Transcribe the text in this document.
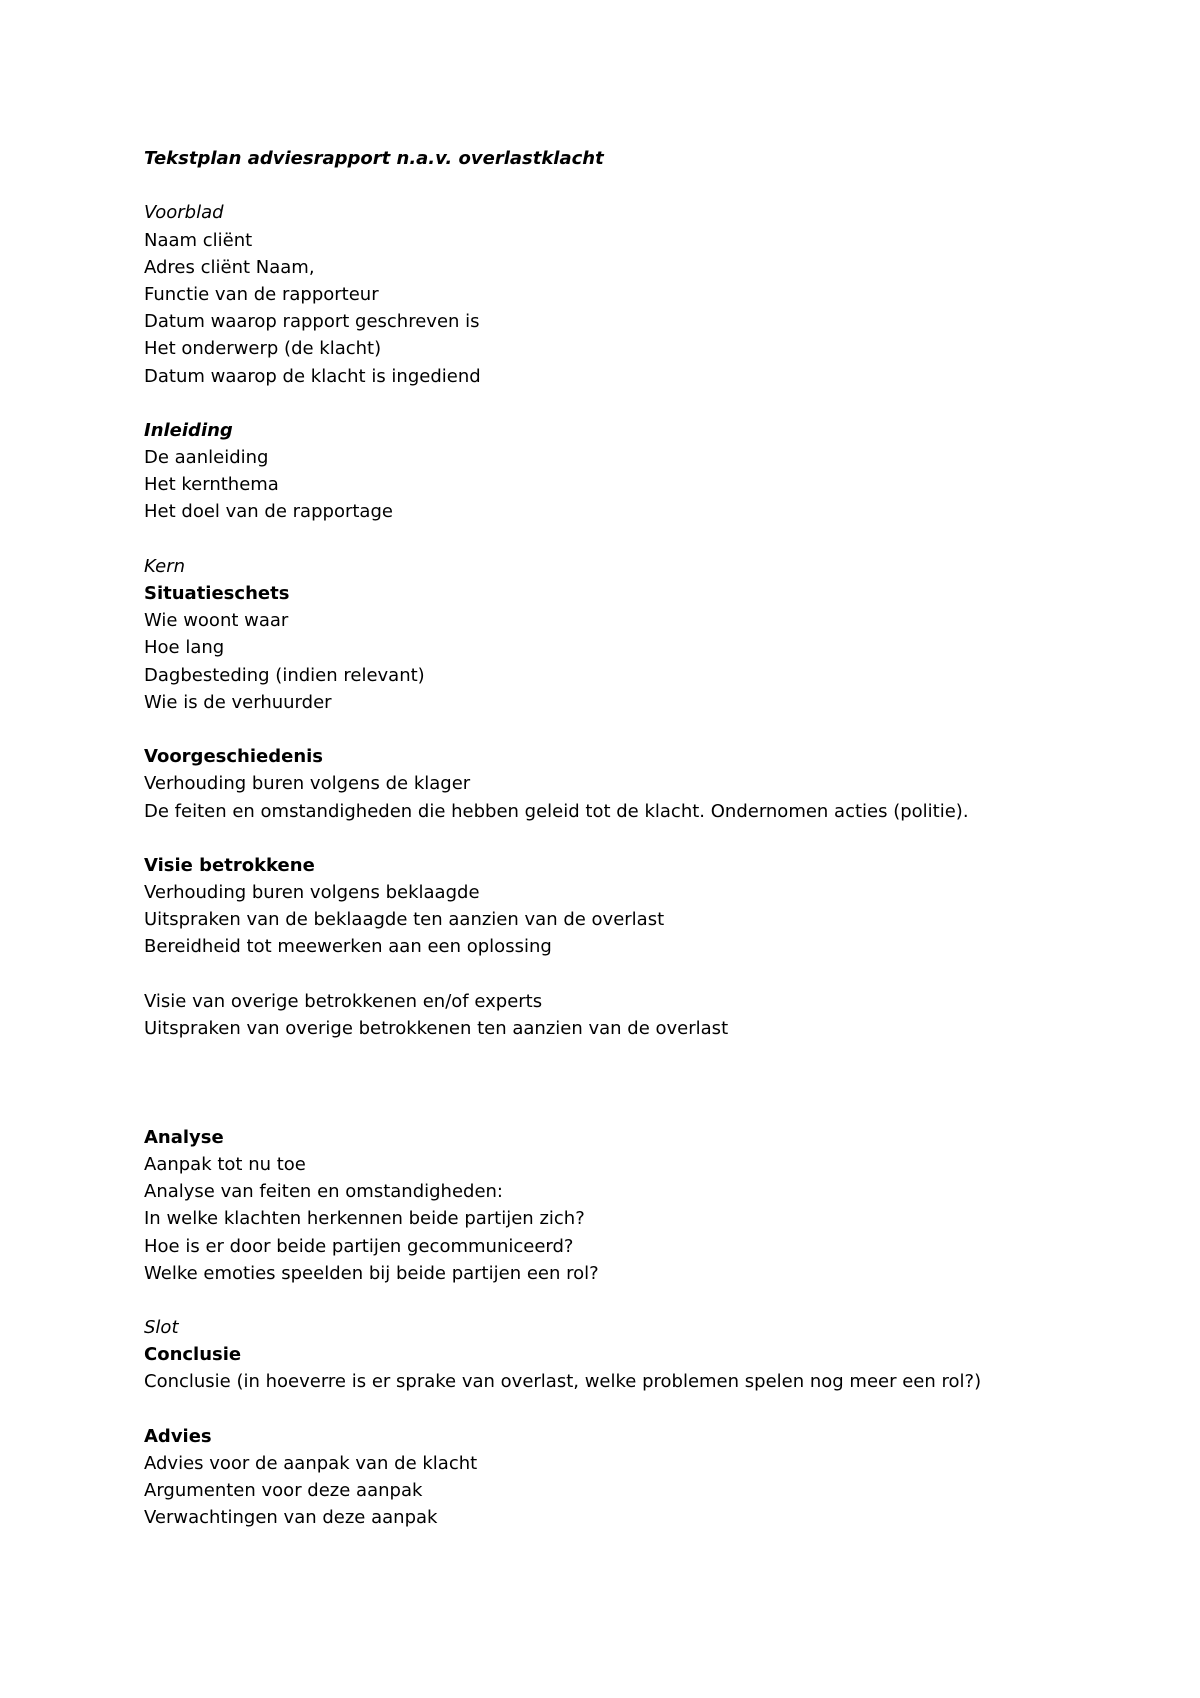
Tekstplan adviesrapport n.a.v. overlastklacht
Voorblad
Naam cliënt
Adres cliënt Naam,
Functie van de rapporteur
Datum waarop rapport geschreven is
Het onderwerp (de klacht)
Datum waarop de klacht is ingediend
Inleiding
De aanleiding
Het kernthema
Het doel van de rapportage
Kern
Situatieschets
Wie woont waar
Hoe lang
Dagbesteding (indien relevant)
Wie is de verhuurder
Voorgeschiedenis
Verhouding buren volgens de klager
De feiten en omstandigheden die hebben geleid tot de klacht. Ondernomen acties (politie).
Visie betrokkene
Verhouding buren volgens beklaagde
Uitspraken van de beklaagde ten aanzien van de overlast
Bereidheid tot meewerken aan een oplossing
Visie van overige betrokkenen en/of experts
Uitspraken van overige betrokkenen ten aanzien van de overlast
Analyse
Aanpak tot nu toe
Analyse van feiten en omstandigheden:
In welke klachten herkennen beide partijen zich?
Hoe is er door beide partijen gecommuniceerd?
Welke emoties speelden bij beide partijen een rol?
Slot
Conclusie
Conclusie (in hoeverre is er sprake van overlast, welke problemen spelen nog meer een rol?)
Advies
Advies voor de aanpak van de klacht
Argumenten voor deze aanpak
Verwachtingen van deze aanpak
